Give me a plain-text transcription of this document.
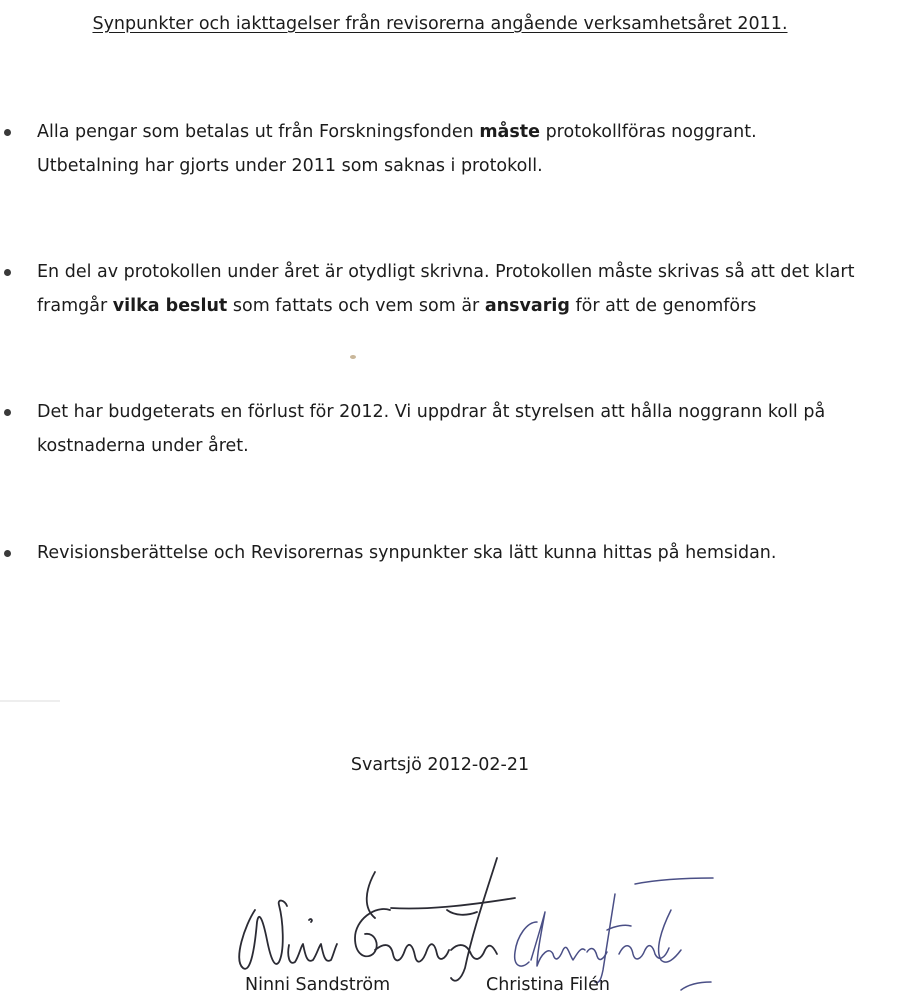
Synpunkter och iakttagelser från revisorerna angående verksamhetsåret 2011.
Alla pengar som betalas ut från Forskningsfonden måste protokollföras noggrant.
Utbetalning har gjorts under 2011 som saknas i protokoll.
En del av protokollen under året är otydligt skrivna. Protokollen måste skrivas så att det klart
framgår vilka beslut som fattats och vem som är ansvarig för att de genomförs
Det har budgeterats en förlust för 2012. Vi uppdrar åt styrelsen att hålla noggrann koll på
kostnaderna under året.
Revisionsberättelse och Revisorernas synpunkter ska lätt kunna hittas på hemsidan.
Svartsjö 2012-02-21
Ninni Sandström	Christina Filén
